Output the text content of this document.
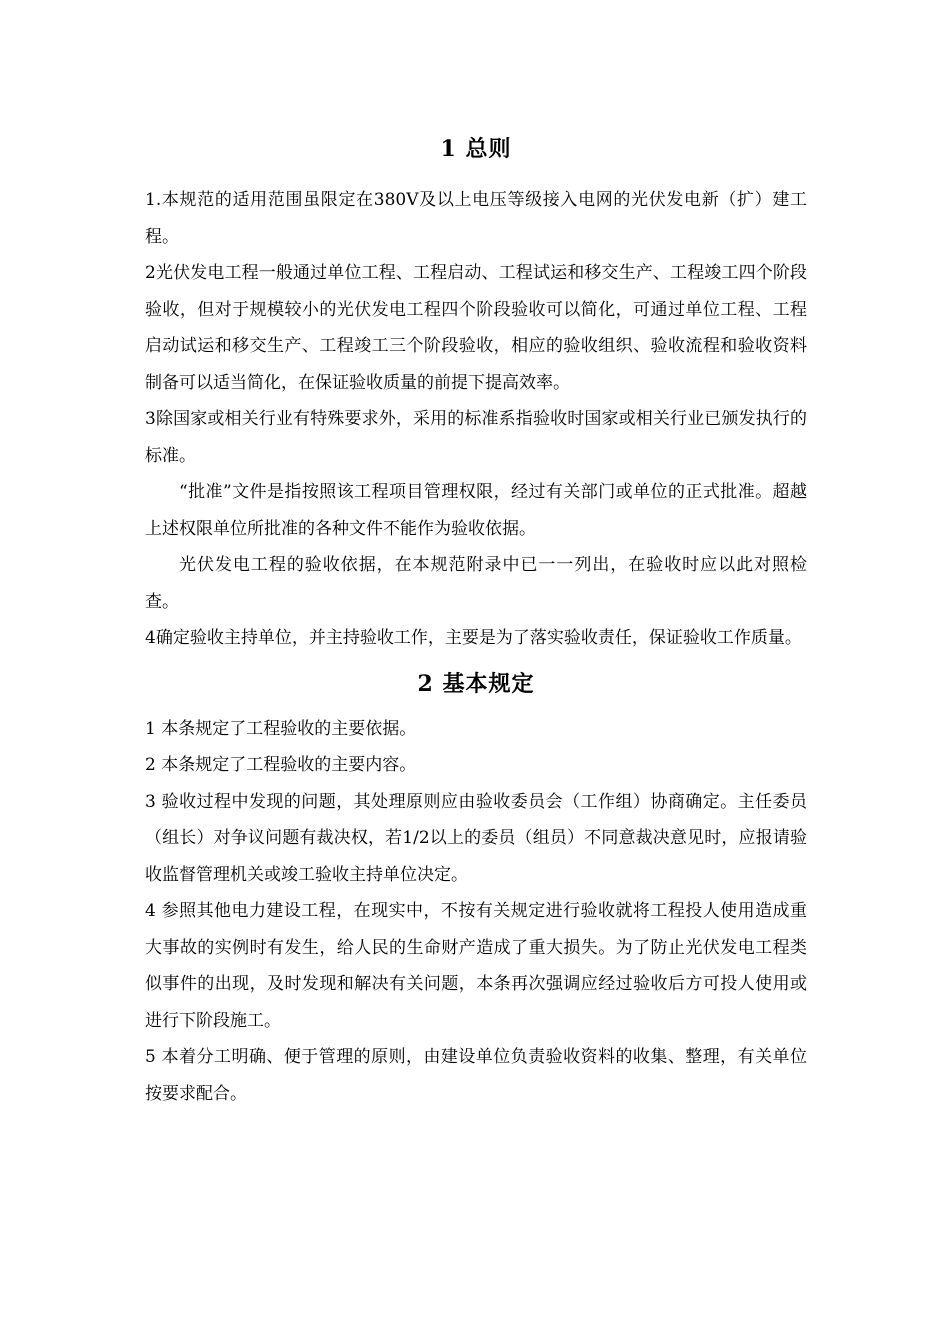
1 总则

1.本规范的适用范围虽限定在380V及以上电压等级接入电网的光伏发电新（扩）建工程。

2光伏发电工程一般通过单位工程、工程启动、工程试运和移交生产、工程竣工四个阶段验收，但对于规模较小的光伏发电工程四个阶段验收可以简化，可通过单位工程、工程启动试运和移交生产、工程竣工三个阶段验收，相应的验收组织、验收流程和验收资料制备可以适当简化，在保证验收质量的前提下提高效率。

3除国家或相关行业有特殊要求外，采用的标准系指验收时国家或相关行业已颁发执行的标准。

“批准”文件是指按照该工程项目管理权限，经过有关部门或单位的正式批准。超越上述权限单位所批准的各种文件不能作为验收依据。

光伏发电工程的验收依据，在本规范附录中已一一列出，在验收时应以此对照检查。

4确定验收主持单位，并主持验收工作，主要是为了落实验收责任，保证验收工作质量。

2 基本规定

1 本条规定了工程验收的主要依据。

2 本条规定了工程验收的主要内容。

3 验收过程中发现的问题，其处理原则应由验收委员会（工作组）协商确定。主任委员（组长）对争议问题有裁决权，若1/2以上的委员（组员）不同意裁决意见时，应报请验收监督管理机关或竣工验收主持单位决定。

4 参照其他电力建设工程，在现实中，不按有关规定进行验收就将工程投人使用造成重大事故的实例时有发生，给人民的生命财产造成了重大损失。为了防止光伏发电工程类似事件的出现，及时发现和解决有关问题，本条再次强调应经过验收后方可投人使用或进行下阶段施工。

5 本着分工明确、便于管理的原则，由建设单位负责验收资料的收集、整理，有关单位按要求配合。
